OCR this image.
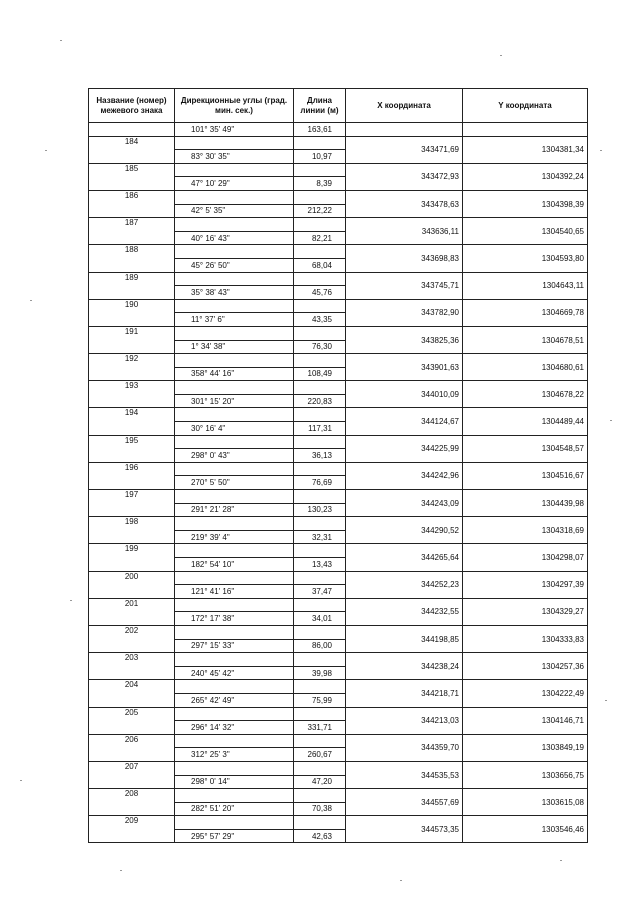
Название (номер) межевого знака	Дирекционные углы (град. мин. сек.)	Длина линии (м)	X координата	Y координата
	101° 35' 49"	163,61		
184			343471,69	1304381,34
	83° 30' 35"	10,97		
185			343472,93	1304392,24
	47° 10' 29"	8,39		
186			343478,63	1304398,39
	42° 5' 35"	212,22		
187			343636,11	1304540,65
	40° 16' 43"	82,21		
188			343698,83	1304593,80
	45° 26' 50"	68,04		
189			343745,71	1304643,11
	35° 38' 43"	45,76		
190			343782,90	1304669,78
	11° 37' 6"	43,35		
191			343825,36	1304678,51
	1° 34' 38"	76,30		
192			343901,63	1304680,61
	358° 44' 16"	108,49		
193			344010,09	1304678,22
	301° 15' 20"	220,83		
194			344124,67	1304489,44
	30° 16' 4"	117,31		
195			344225,99	1304548,57
	298° 0' 43"	36,13		
196			344242,96	1304516,67
	270° 5' 50"	76,69		
197			344243,09	1304439,98
	291° 21' 28"	130,23		
198			344290,52	1304318,69
	219° 39' 4"	32,31		
199			344265,64	1304298,07
	182° 54' 10"	13,43		
200			344252,23	1304297,39
	121° 41' 16"	37,47		
201			344232,55	1304329,27
	172° 17' 38"	34,01		
202			344198,85	1304333,83
	297° 15' 33"	86,00		
203			344238,24	1304257,36
	240° 45' 42"	39,98		
204			344218,71	1304222,49
	265° 42' 49"	75,99		
205			344213,03	1304146,71
	296° 14' 32"	331,71		
206			344359,70	1303849,19
	312° 25' 3"	260,67		
207			344535,53	1303656,75
	298° 0' 14"	47,20		
208			344557,69	1303615,08
	282° 51' 20"	70,38		
209			344573,35	1303546,46
	295° 57' 29"	42,63		
